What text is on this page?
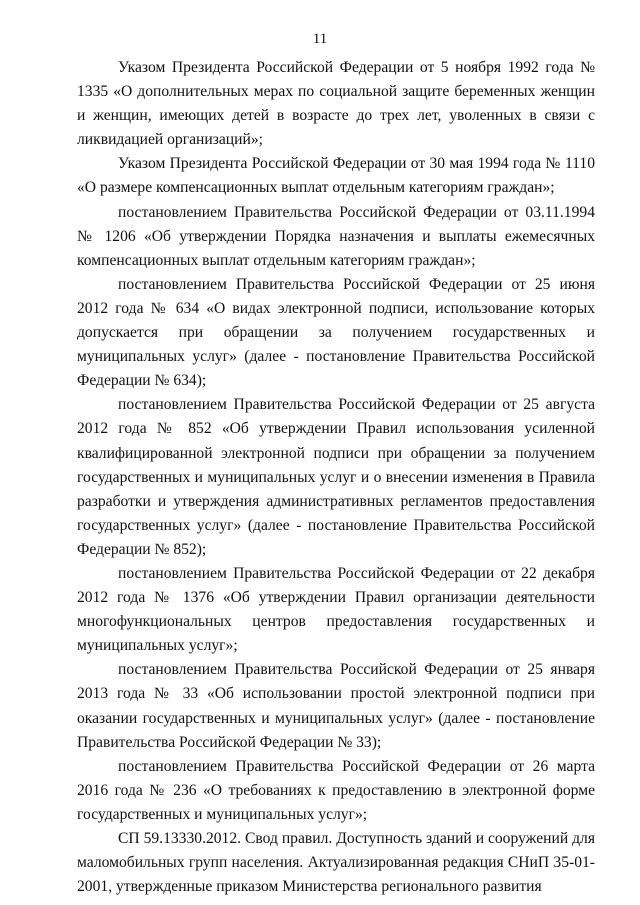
11

Указом Президента Российской Федерации от 5 ноября 1992 года № 1335 «О дополнительных мерах по социальной защите беременных женщин и женщин, имеющих детей в возрасте до трех лет, уволенных в связи с ликвидацией организаций»;

Указом Президента Российской Федерации от 30 мая 1994 года № 1110 «О размере компенсационных выплат отдельным категориям граждан»;

постановлением Правительства Российской Федерации от 03.11.1994 № 1206 «Об утверждении Порядка назначения и выплаты ежемесячных компенсационных выплат отдельным категориям граждан»;

постановлением Правительства Российской Федерации от 25 июня 2012 года № 634 «О видах электронной подписи, использование которых допускается при обращении за получением государственных и муниципальных услуг» (далее - постановление Правительства Российской Федерации № 634);

постановлением Правительства Российской Федерации от 25 августа 2012 года № 852 «Об утверждении Правил использования усиленной квалифицированной электронной подписи при обращении за получением государственных и муниципальных услуг и о внесении изменения в Правила разработки и утверждения административных регламентов предоставления государственных услуг» (далее - постановление Правительства Российской Федерации № 852);

постановлением Правительства Российской Федерации от 22 декабря 2012 года № 1376 «Об утверждении Правил организации деятельности многофункциональных центров предоставления государственных и муниципальных услуг»;

постановлением Правительства Российской Федерации от 25 января 2013 года № 33 «Об использовании простой электронной подписи при оказании государственных и муниципальных услуг» (далее - постановление Правительства Российской Федерации № 33);

постановлением Правительства Российской Федерации от 26 марта 2016 года № 236 «О требованиях к предоставлению в электронной форме государственных и муниципальных услуг»;

СП 59.13330.2012. Свод правил. Доступность зданий и сооружений для маломобильных групп населения. Актуализированная редакция СНиП 35-01-2001, утвержденные приказом Министерства регионального развития
